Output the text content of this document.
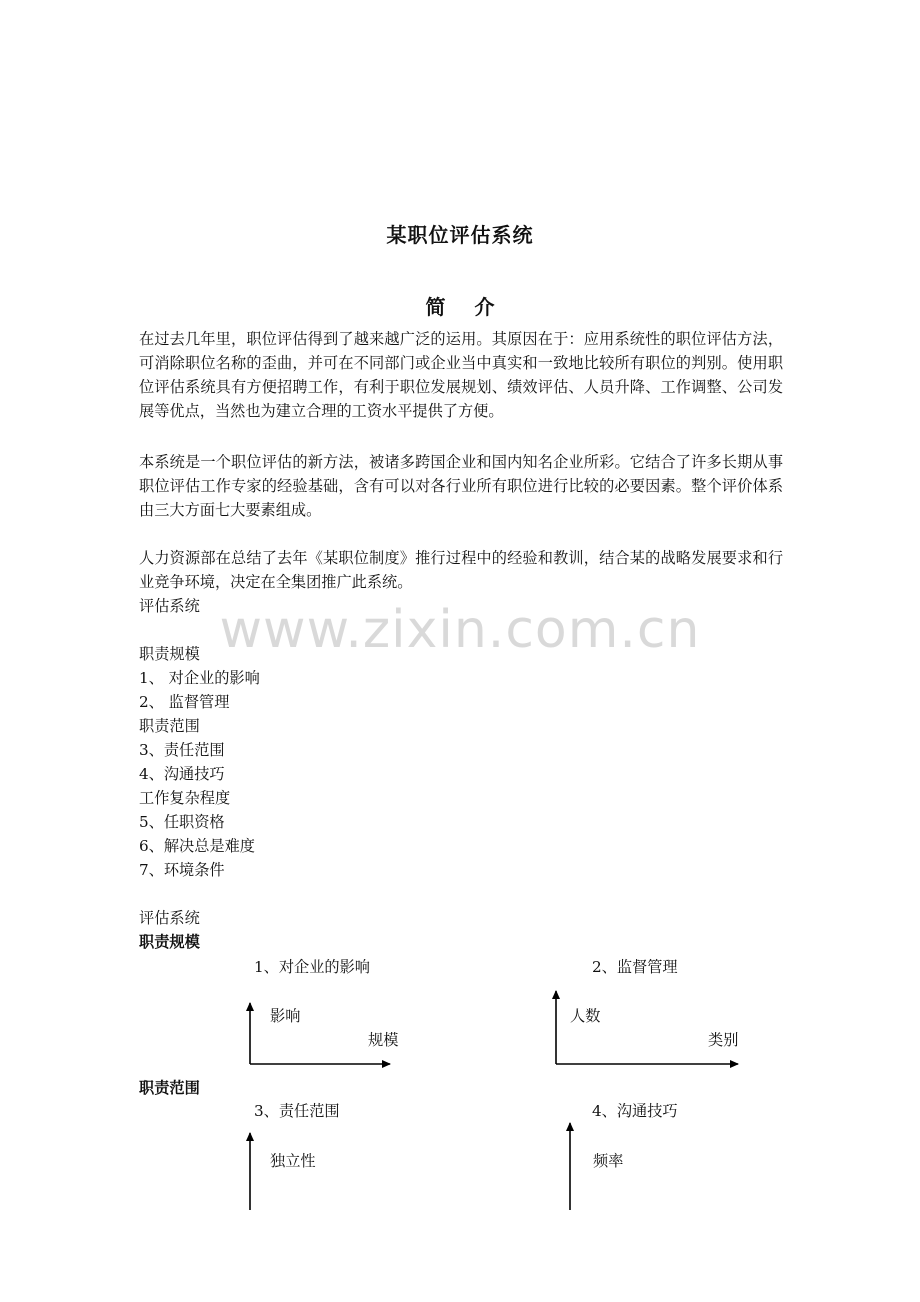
某职位评估系统
简 介

在过去几年里，职位评估得到了越来越广泛的运用。其原因在于：应用系统性的职位评估方法，可消除职位名称的歪曲，并可在不同部门或企业当中真实和一致地比较所有职位的判别。使用职位评估系统具有方便招聘工作，有利于职位发展规划、绩效评估、人员升降、工作调整、公司发展等优点，当然也为建立合理的工资水平提供了方便。

本系统是一个职位评估的新方法，被诸多跨国企业和国内知名企业所彩。它结合了许多长期从事职位评估工作专家的经验基础，含有可以对各行业所有职位进行比较的必要因素。整个评价体系由三大方面七大要素组成。

人力资源部在总结了去年《某职位制度》推行过程中的经验和教训，结合某的战略发展要求和行业竞争环境，决定在全集团推广此系统。

评估系统
职责规模
1、 对企业的影响
2、 监督管理
职责范围
3、责任范围
4、沟通技巧
工作复杂程度
5、任职资格
6、解决总是难度
7、环境条件
评估系统
职责规模
1、对企业的影响	2、监督管理
影响
规模
人数
类别
职责范围
3、责任范围	4、沟通技巧
独立性	频率
www.zixin.com.cn
